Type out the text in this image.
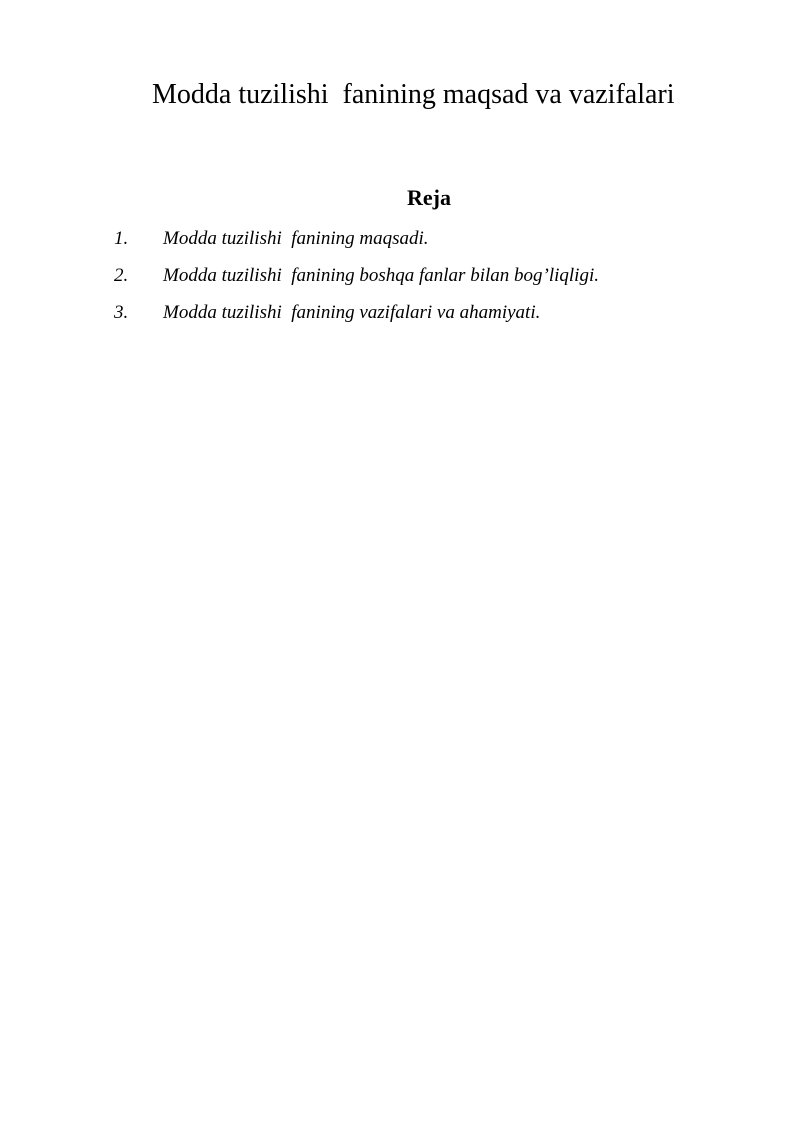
Modda tuzilishi  fanining maqsad va vazifalari
Reja
1. Modda tuzilishi  fanining maqsadi.
2. Modda tuzilishi  fanining boshqa fanlar bilan bog’liqligi.
3. Modda tuzilishi  fanining vazifalari va ahamiyati.
